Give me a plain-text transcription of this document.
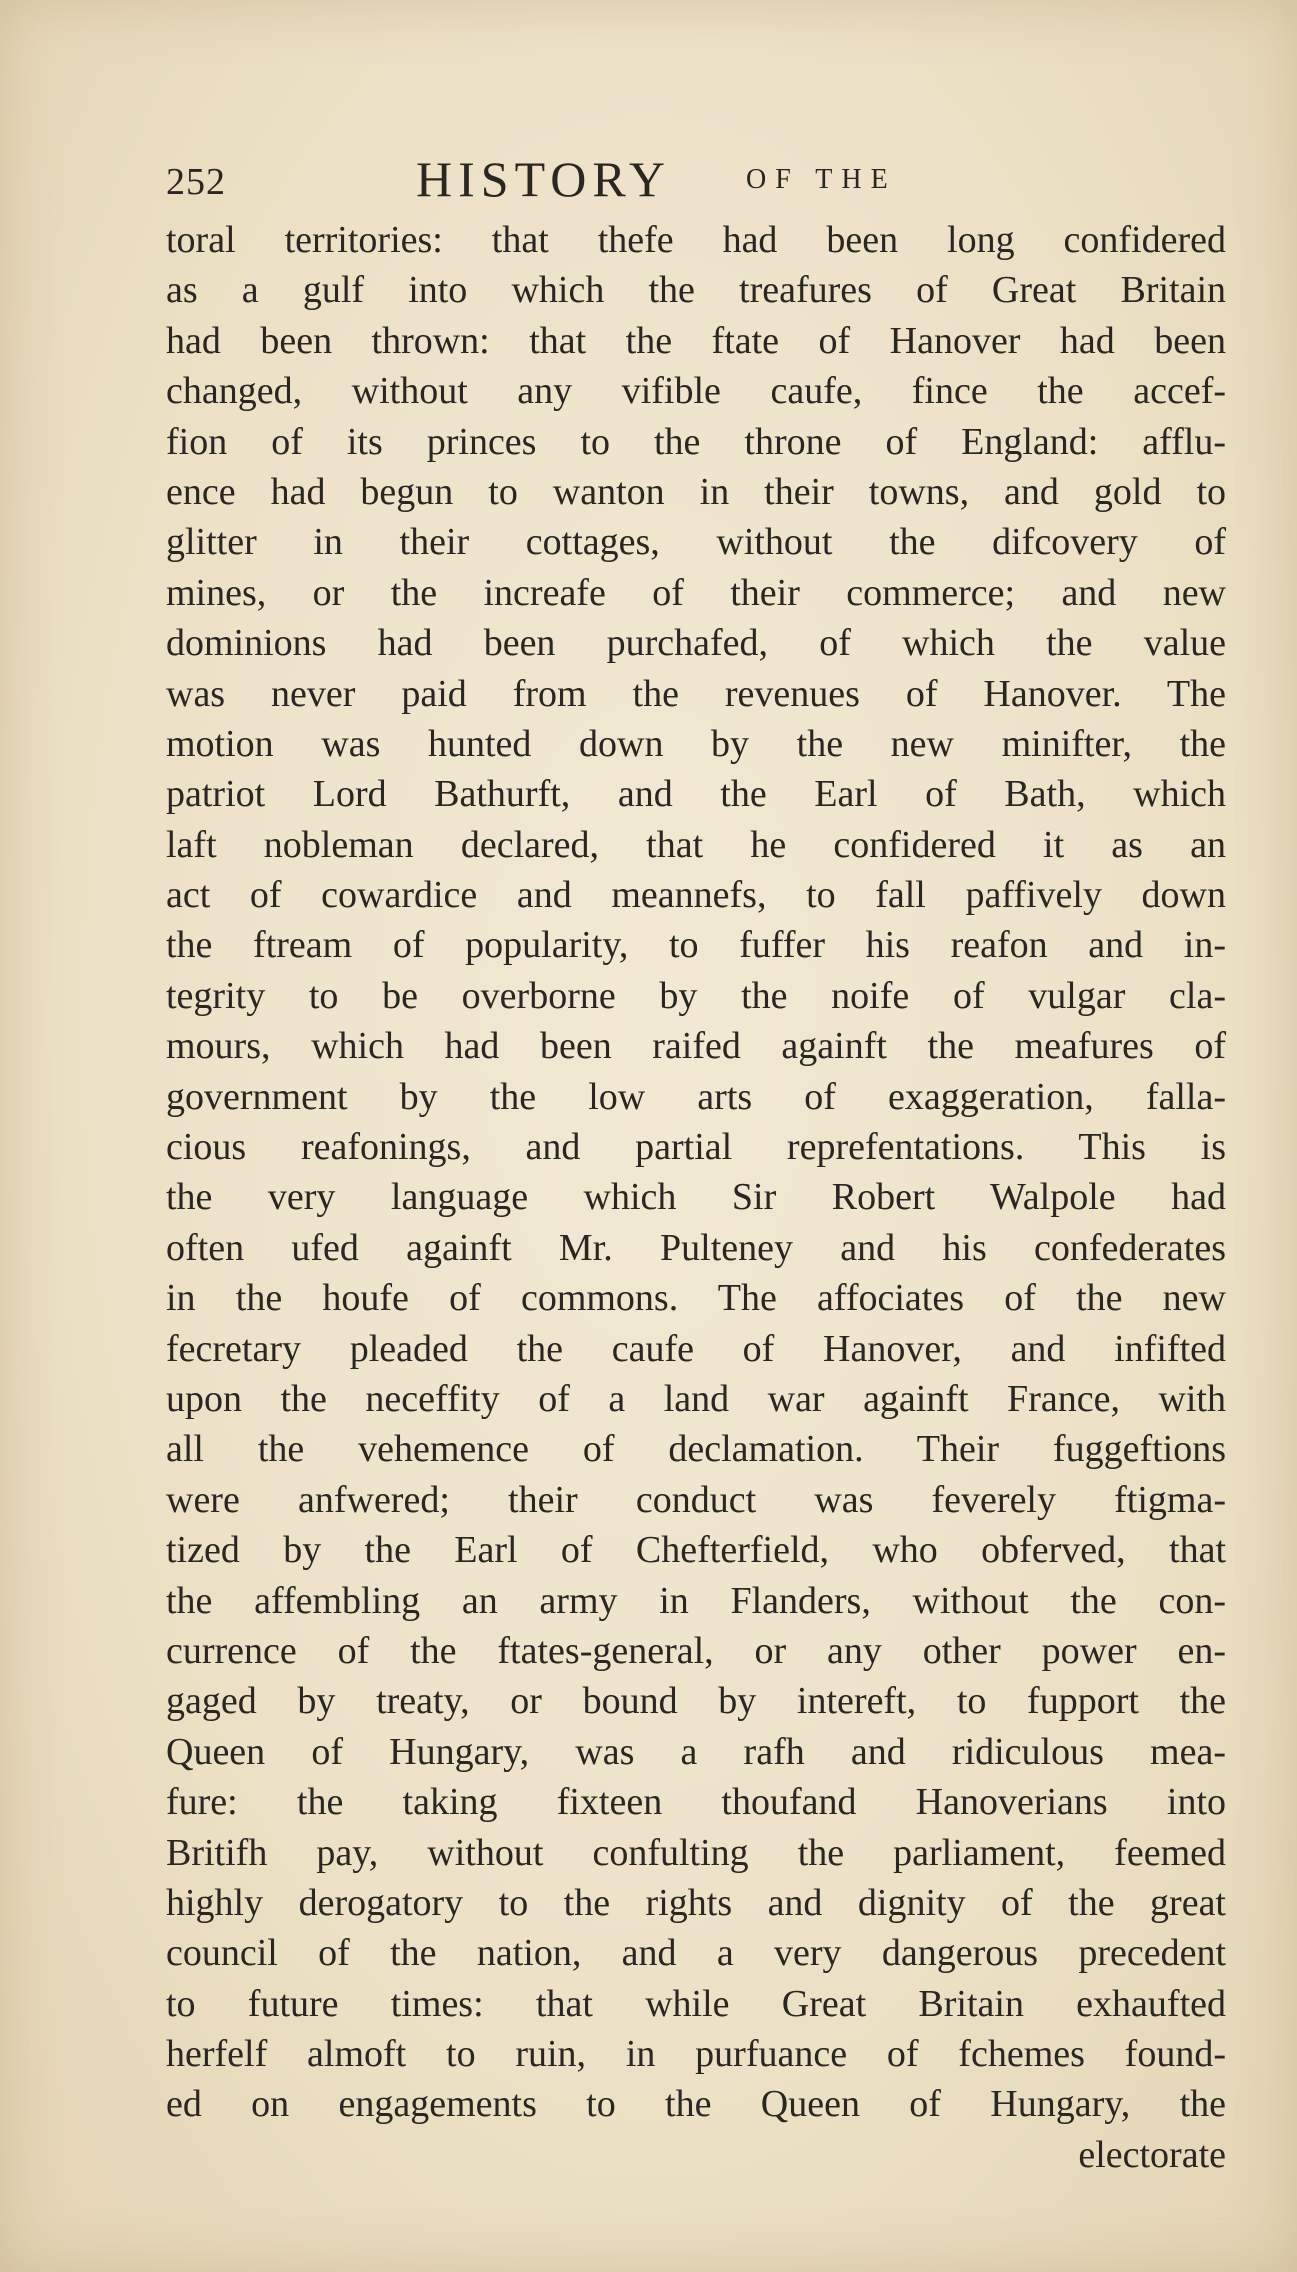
252	HISTORY	OF THE
toral territories: that thefe had been long confidered
as a gulf into which the treafures of Great Britain
had been thrown: that the ftate of Hanover had been
changed, without any vifible caufe, fince the accef-
fion of its princes to the throne of England: afflu-
ence had begun to wanton in their towns, and gold to
glitter in their cottages, without the difcovery of
mines, or the increafe of their commerce; and new
dominions had been purchafed, of which the value
was never paid from the revenues of Hanover. The
motion was hunted down by the new minifter, the
patriot Lord Bathurft, and the Earl of Bath, which
laft nobleman declared, that he confidered it as an
act of cowardice and meannefs, to fall paffively down
the ftream of popularity, to fuffer his reafon and in-
tegrity to be overborne by the noife of vulgar cla-
mours, which had been raifed againft the meafures of
government by the low arts of exaggeration, falla-
cious reafonings, and partial reprefentations. This is
the very language which Sir Robert Walpole had
often ufed againft Mr. Pulteney and his confederates
in the houfe of commons. The affociates of the new
fecretary pleaded the caufe of Hanover, and infifted
upon the neceffity of a land war againft France, with
all the vehemence of declamation. Their fuggeftions
were anfwered; their conduct was feverely ftigma-
tized by the Earl of Chefterfield, who obferved, that
the affembling an army in Flanders, without the con-
currence of the ftates-general, or any other power en-
gaged by treaty, or bound by intereft, to fupport the
Queen of Hungary, was a rafh and ridiculous mea-
fure: the taking fixteen thoufand Hanoverians into
Britifh pay, without confulting the parliament, feemed
highly derogatory to the rights and dignity of the great
council of the nation, and a very dangerous precedent
to future times: that while Great Britain exhaufted
herfelf almoft to ruin, in purfuance of fchemes found-
ed on engagements to the Queen of Hungary, the
electorate
